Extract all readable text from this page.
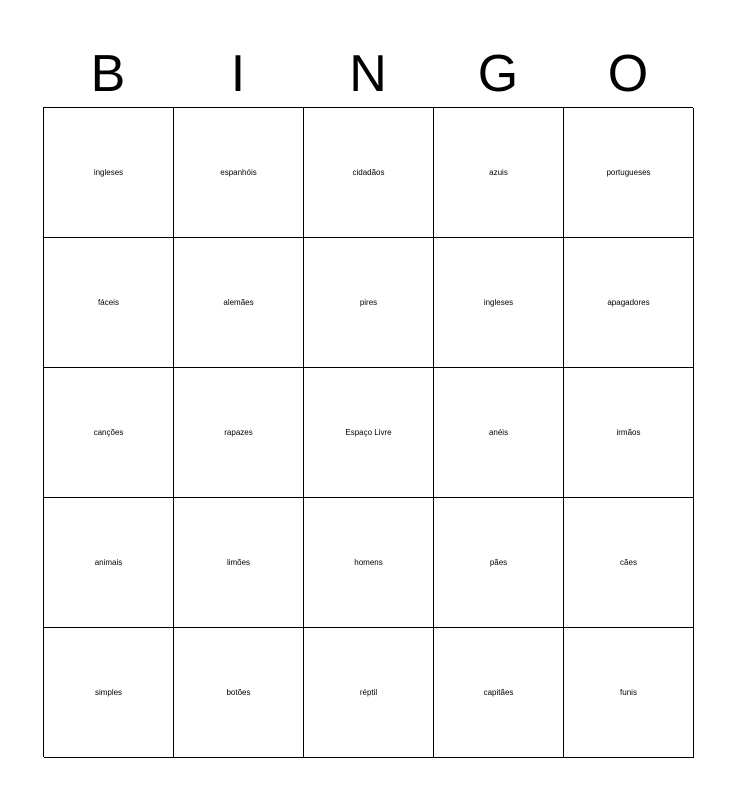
B	I	N	G	O
ingleses	espanhóis	cidadãos	azuis	portugueses
fáceis	alemães	pires	ingleses	apagadores
canções	rapazes	Espaço Livre	anéis	irmãos
animais	limões	homens	pães	cães
simples	botões	réptil	capitães	funis
